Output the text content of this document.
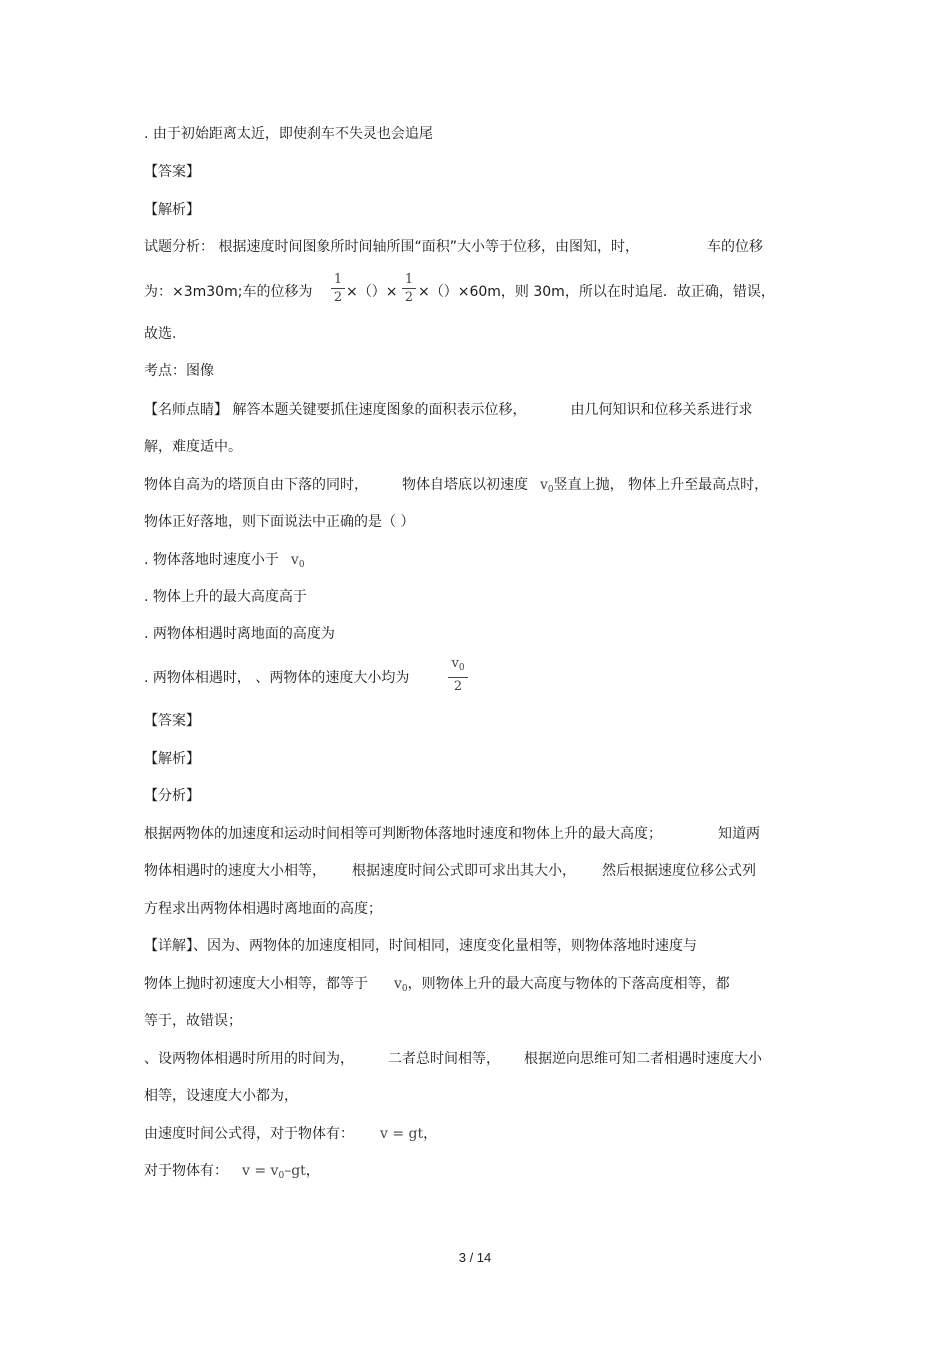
. 由于初始距离太近，即使刹车不失灵也会追尾
【答案】
【解析】
试题分析： 根据速度时间图象所时间轴所围“面积”大小等于位移，由图知，时，	车的位移
为：×3m30m;车的位移为
1
2 ×（）×
1
2 ×（）×60m，则 30m，所以在时追尾．故正确，错误，
故选.
考点：图像
【名师点睛】 解答本题关键要抓住速度图象的面积表示位移，	由几何知识和位移关系进行求
解，难度适中。
物体自高为的塔顶自由下落的同时， 物体自塔底以初速度 $v_0$竖直上抛， 物体上升至最高点时，
物体正好落地，则下面说法中正确的是（ ）
. 物体落地时速度小于 $v_0$
. 物体上升的最大高度高于
. 两物体相遇时离地面的高度为
. 两物体相遇时， 、两物体的速度大小均为
$v_0$
2
【答案】
【解析】
【分析】
根据两物体的加速度和运动时间相等可判断物体落地时速度和物体上升的最大高度；	知道两
物体相遇时的速度大小相等， 根据速度时间公式即可求出其大小， 然后根据速度位移公式列
方程求出两物体相遇时离地面的高度；
【详解】、因为、两物体的加速度相同，时间相同，速度变化量相等，则物体落地时速度与
物体上抛时初速度大小相等，都等于 $v_0$，则物体上升的最大高度与物体的下落高度相等，都
等于，故错误；
、设两物体相遇时所用的时间为， 二者总时间相等， 根据逆向思维可知二者相遇时速度大小
相等，设速度大小都为，
由速度时间公式得，对于物体有： v = gt，
对于物体有： $v = v_0-gt$，
3 / 14
